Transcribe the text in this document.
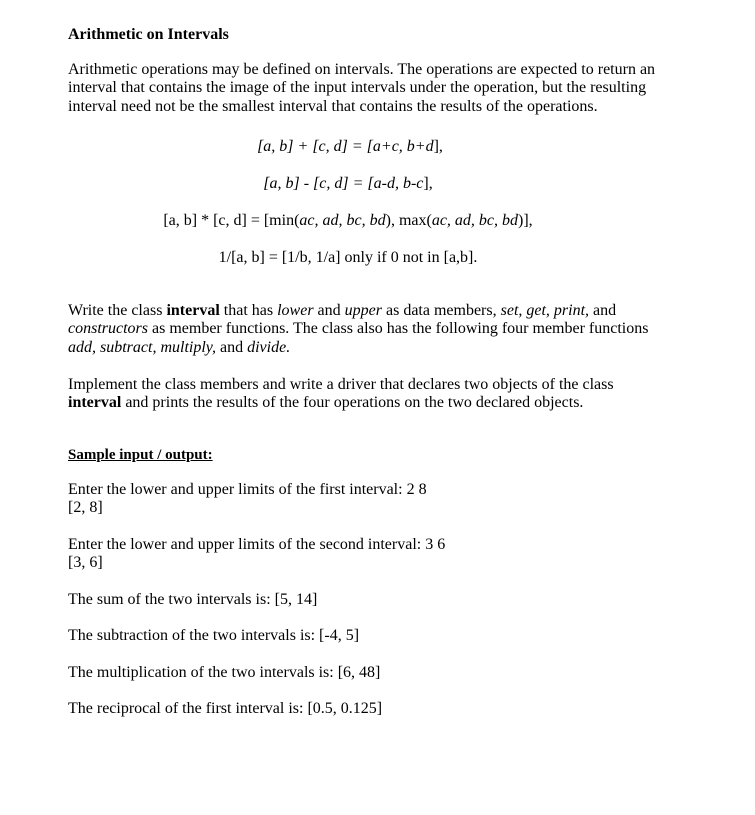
Arithmetic on Intervals
Arithmetic operations may be defined on intervals. The operations are expected to return an interval that contains the image of the input intervals under the operation, but the resulting interval need not be the smallest interval that contains the results of the operations.
[a, b] + [c, d] = [a+c, b+d],
[a, b] - [c, d] = [a-d, b-c],
[a, b] * [c, d] = [min(ac, ad, bc, bd), max(ac, ad, bc, bd)],
1/[a, b] = [1/b, 1/a] only if 0 not in [a,b].
Write the class interval that has lower and upper as data members, set, get, print, and constructors as member functions. The class also has the following four member functions add, subtract, multiply, and divide.
Implement the class members and write a driver that declares two objects of the class interval and prints the results of the four operations on the two declared objects.
Sample input / output:
Enter the lower and upper limits of the first interval: 2 8
[2, 8]
Enter the lower and upper limits of the second interval: 3 6
[3, 6]
The sum of the two intervals is: [5, 14]
The subtraction of the two intervals is: [-4, 5]
The multiplication of the two intervals is: [6, 48]
The reciprocal of the first interval is: [0.5, 0.125]
